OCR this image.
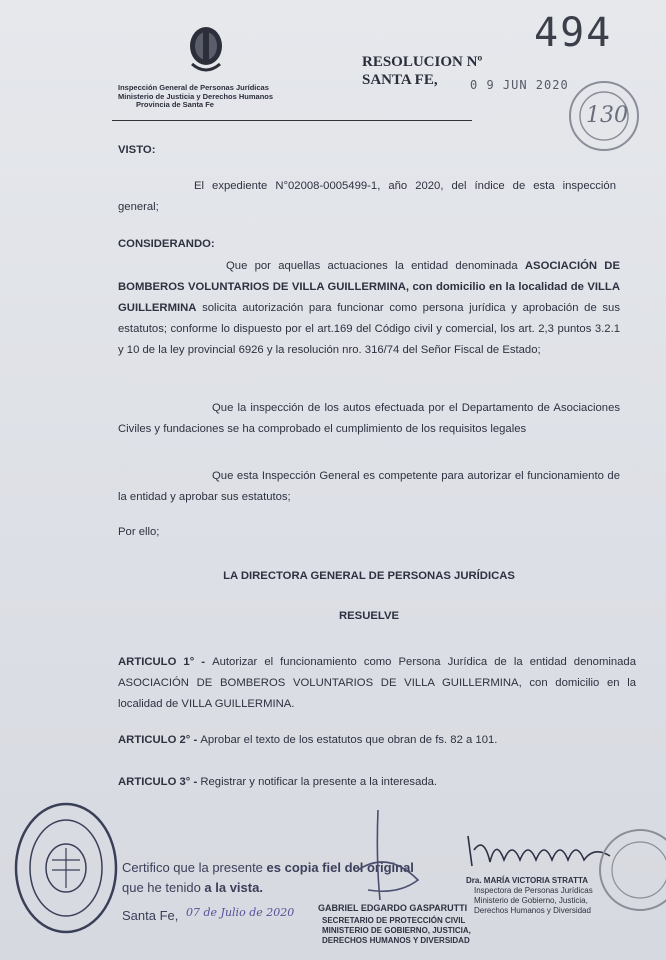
Inspección General de Personas Jurídicas
Ministerio de Justicia y Derechos Humanos
Provincia de Santa Fe
RESOLUCION Nº
SANTA FE,
494
0 9 JUN 2020
130
VISTO:
El expediente N°02008-0005499-1, año 2020, del índice de esta inspección general;
CONSIDERANDO:
Que por aquellas actuaciones la entidad denominada ASOCIACIÓN DE BOMBEROS VOLUNTARIOS DE VILLA GUILLERMINA, con domicilio en la localidad de VILLA GUILLERMINA solicita autorización para funcionar como persona jurídica y aprobación de sus estatutos; conforme lo dispuesto por el art.169 del Código civil y comercial, los art. 2,3 puntos 3.2.1 y 10 de la ley provincial 6926 y la resolución nro. 316/74 del Señor Fiscal de Estado;
Que la inspección de los autos efectuada por el Departamento de Asociaciones Civiles y fundaciones se ha comprobado el cumplimiento de los requisitos legales
Que esta Inspección General es competente para autorizar el funcionamiento de la entidad y aprobar sus estatutos;
Por ello;
LA DIRECTORA GENERAL DE PERSONAS JURÍDICAS
RESUELVE
ARTICULO 1° - Autorizar el funcionamiento como Persona Jurídica de la entidad denominada ASOCIACIÓN DE BOMBEROS VOLUNTARIOS DE VILLA GUILLERMINA, con domicilio en la localidad de VILLA GUILLERMINA.
ARTICULO 2° - Aprobar el texto de los estatutos que obran de fs. 82 a 101.
ARTICULO 3° - Registrar y notificar la presente a la interesada.
Certifico que la presente es copia fiel del original
que he tenido a la vista.
Santa Fe, 07 de Julio de 2020	GABRIEL EDGARDO GASPARUTTI
SECRETARIO DE PROTECCIÓN CIVIL
MINISTERIO DE GOBIERNO, JUSTICIA,
DERECHOS HUMANOS Y DIVERSIDAD
Dra. MARÍA VICTORIA STRATTA
Inspectora de Personas Jurídicas
Ministerio de Gobierno, Justicia,
Derechos Humanos y Diversidad
